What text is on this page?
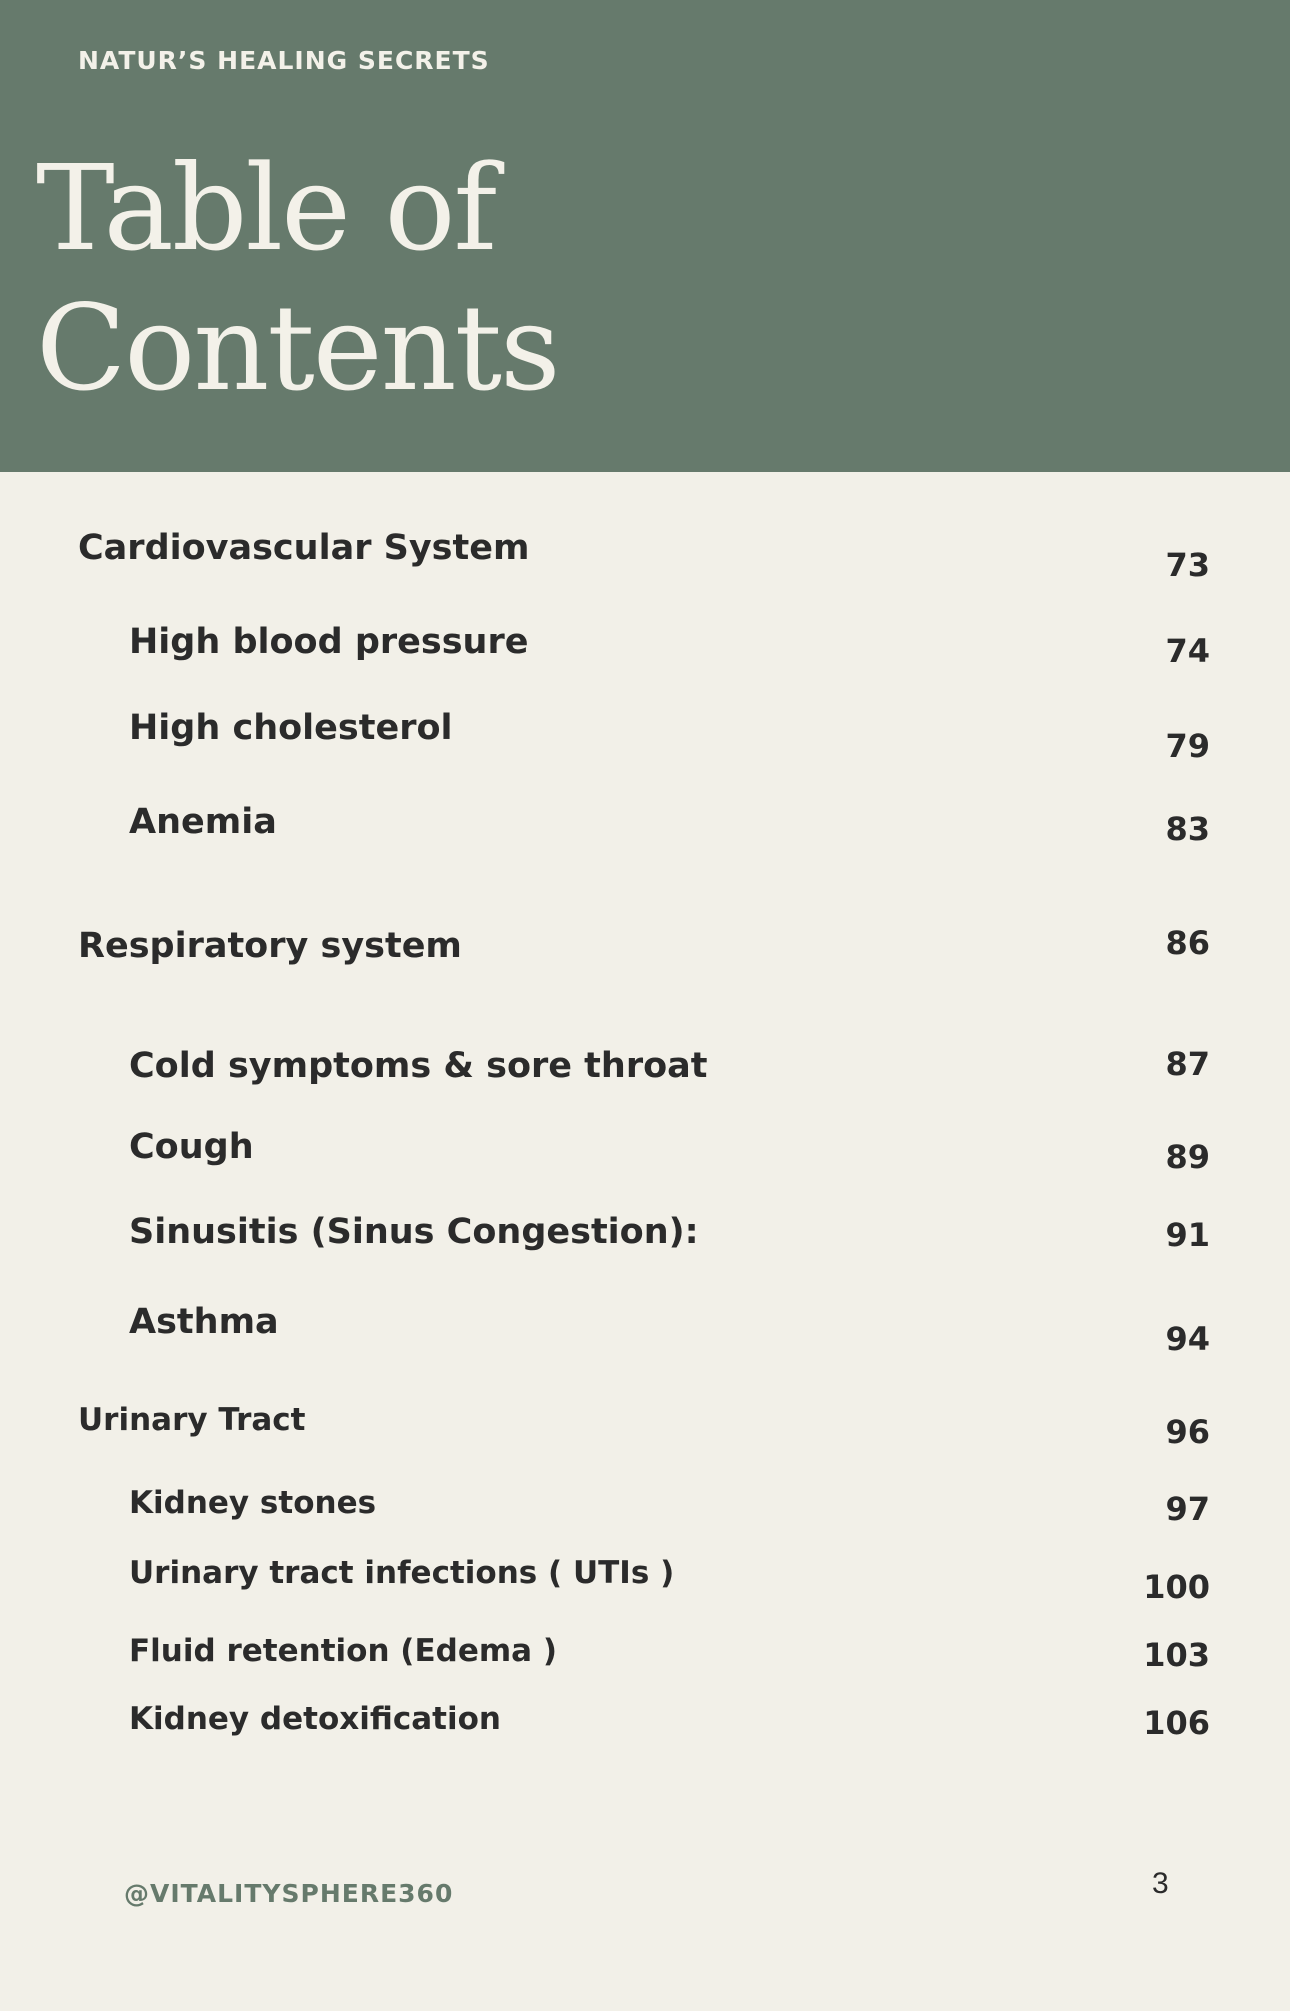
NATUR’S HEALING SECRETS
Table of
Contents
Cardiovascular System	73
High blood pressure	74
High cholesterol	79
Anemia	83
Respiratory system	86
Cold symptoms & sore throat	87
Cough	89
Sinusitis (Sinus Congestion):	91
Asthma	94
Urinary Tract	96
Kidney stones	97
Urinary tract infections ( UTIs )	100
Fluid retention (Edema )	103
Kidney detoxification	106
@VITALITYSPHERE360	3
